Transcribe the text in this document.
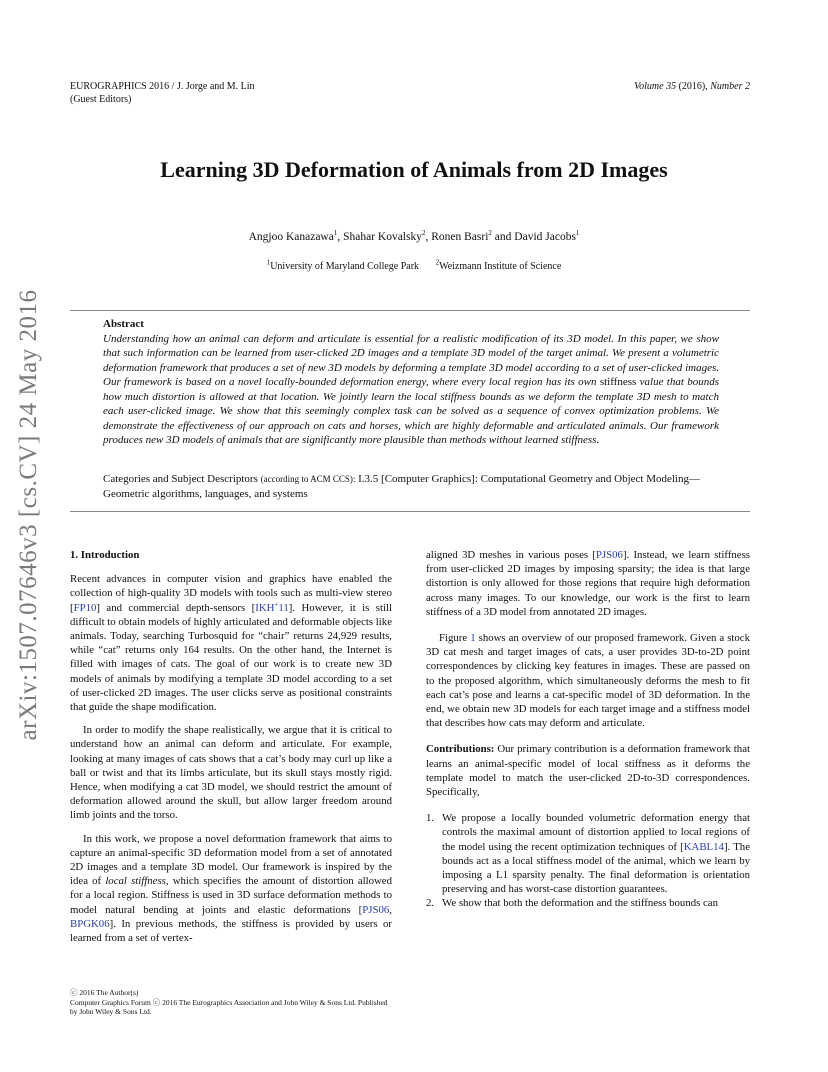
EUROGRAPHICS 2016 / J. Jorge and M. Lin
(Guest Editors)
Volume 35 (2016), Number 2
arXiv:1507.07646v3 [cs.CV] 24 May 2016
Learning 3D Deformation of Animals from 2D Images
Angjoo Kanazawa$^1$, Shahar Kovalsky$^2$, Ronen Basri$^2$ and David Jacobs$^1$
$^1$University of Maryland College Park $^2$Weizmann Institute of Science
Abstract
Understanding how an animal can deform and articulate is essential for a realistic modification of its 3D model. In this paper, we show that such information can be learned from user-clicked 2D images and a template 3D model of the target animal. We present a volumetric deformation framework that produces a set of new 3D models by deforming a template 3D model according to a set of user-clicked images. Our framework is based on a novel locally-bounded deformation energy, where every local region has its own stiffness value that bounds how much distortion is allowed at that location. We jointly learn the local stiffness bounds as we deform the template 3D mesh to match each user-clicked image. We show that this seemingly complex task can be solved as a sequence of convex optimization problems. We demonstrate the effectiveness of our approach on cats and horses, which are highly deformable and articulated animals. Our framework produces new 3D models of animals that are significantly more plausible than methods without learned stiffness.
Categories and Subject Descriptors (according to ACM CCS): I.3.5 [Computer Graphics]: Computational Geometry and Object Modeling—Geometric algorithms, languages, and systems
1. Introduction

Recent advances in computer vision and graphics have enabled the collection of high-quality 3D models with tools such as multi-view stereo [FP10] and commercial depth-sensors [IKH+11]. However, it is still difficult to obtain models of highly articulated and deformable objects like animals. Today, searching Turbosquid for “chair” returns 24,929 results, while “cat” returns only 164 results. On the other hand, the Internet is filled with images of cats. The goal of our work is to create new 3D models of animals by modifying a template 3D model according to a set of user-clicked 2D images. The user clicks serve as positional constraints that guide the shape modification.

In order to modify the shape realistically, we argue that it is critical to understand how an animal can deform and articulate. For example, looking at many images of cats shows that a cat’s body may curl up like a ball or twist and that its limbs articulate, but its skull stays mostly rigid. Hence, when modifying a cat 3D model, we should restrict the amount of deformation allowed around the skull, but allow larger freedom around limb joints and the torso.

In this work, we propose a novel deformation framework that aims to capture an animal-specific 3D deformation model from a set of annotated 2D images and a template 3D model. Our framework is inspired by the idea of local stiffness, which specifies the amount of distortion allowed for a local region. Stiffness is used in 3D surface deformation methods to model natural bending at joints and elastic deformations [PJS06, BPGK06]. In previous methods, the stiffness is provided by users or learned from a set of vertex-

aligned 3D meshes in various poses [PJS06]. Instead, we learn stiffness from user-clicked 2D images by imposing sparsity; the idea is that large distortion is only allowed for those regions that require high deformation across many images. To our knowledge, our work is the first to learn stiffness of a 3D model from annotated 2D images.

Figure 1 shows an overview of our proposed framework. Given a stock 3D cat mesh and target images of cats, a user provides 3D-to-2D point correspondences by clicking key features in images. These are passed on to the proposed algorithm, which simultaneously deforms the mesh to fit each cat’s pose and learns a cat-specific model of 3D deformation. In the end, we obtain new 3D models for each target image and a stiffness model that describes how cats may deform and articulate.

Contributions: Our primary contribution is a deformation framework that learns an animal-specific model of local stiffness as it deforms the template model to match the user-clicked 2D-to-3D correspondences. Specifically,

1. We propose a locally bounded volumetric deformation energy that controls the maximal amount of distortion applied to local regions of the model using the recent optimization techniques of [KABL14]. The bounds act as a local stiffness model of the animal, which we learn by imposing a L1 sparsity penalty. The final deformation is orientation preserving and has worst-case distortion guarantees.
2. We show that both the deformation and the stiffness bounds can
ⓒ 2016 The Author(s)
Computer Graphics Forum ⓒ 2016 The Eurographics Association and John Wiley & Sons Ltd. Published by John Wiley & Sons Ltd.
